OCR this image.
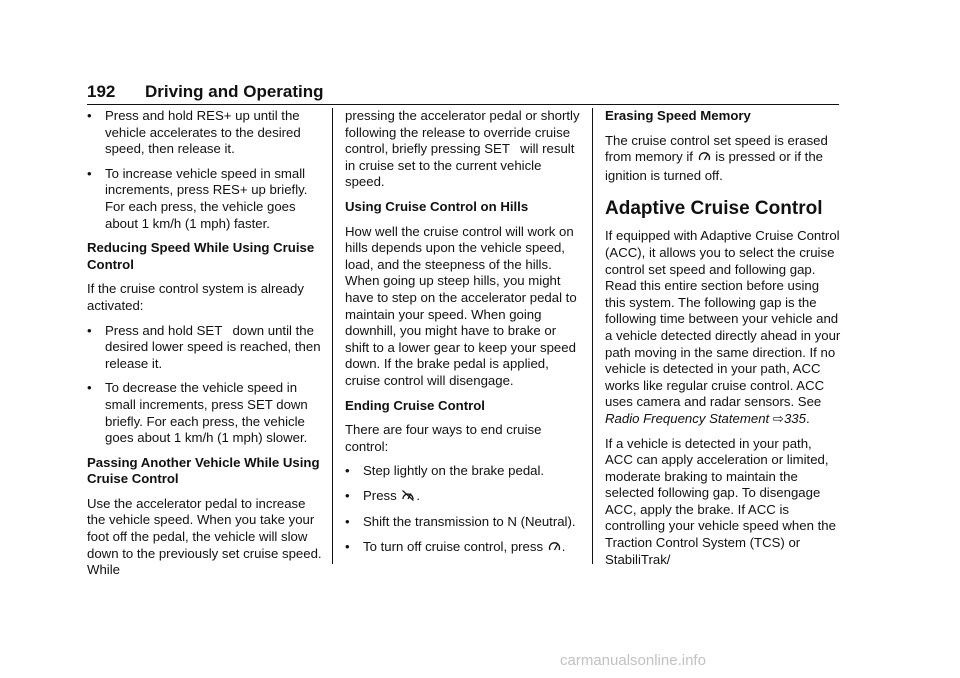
192 Driving and Operating
•	Press and hold RES+ up until the vehicle accelerates to the desired speed, then release it.
•	To increase vehicle speed in small increments, press RES+ up briefly. For each press, the vehicle goes about 1 km/h (1 mph) faster.
Reducing Speed While Using Cruise Control

If the cruise control system is already activated:

•	Press and hold SET  down until the desired lower speed is reached, then release it.
•	To decrease the vehicle speed in small increments, press SET down briefly. For each press, the vehicle goes about 1 km/h (1 mph) slower.
Passing Another Vehicle While Using Cruise Control

Use the accelerator pedal to increase the vehicle speed. When you take your foot off the pedal, the vehicle will slow down to the previously set cruise speed. While

pressing the accelerator pedal or shortly following the release to override cruise control, briefly pressing SET  will result in cruise set to the current vehicle speed.

Using Cruise Control on Hills

How well the cruise control will work on hills depends upon the vehicle speed, load, and the steepness of the hills. When going up steep hills, you might have to step on the accelerator pedal to maintain your speed. When going downhill, you might have to brake or shift to a lower gear to keep your speed down. If the brake pedal is applied, cruise control will disengage.

Ending Cruise Control

There are four ways to end cruise control:

•	Step lightly on the brake pedal.
•	Press .
•	Shift the transmission to N (Neutral).
•	To turn off cruise control, press .
Erasing Speed Memory

The cruise control set speed is erased from memory if is pressed or if the ignition is turned off.

Adaptive Cruise Control

If equipped with Adaptive Cruise Control (ACC), it allows you to select the cruise control set speed and following gap. Read this entire section before using this system. The following gap is the following time between your vehicle and a vehicle detected directly ahead in your path moving in the same direction. If no vehicle is detected in your path, ACC works like regular cruise control. ACC uses camera and radar sensors. See Radio Frequency Statement ⇨335.

If a vehicle is detected in your path, ACC can apply acceleration or limited, moderate braking to maintain the selected following gap. To disengage ACC, apply the brake. If ACC is controlling your vehicle speed when the Traction Control System (TCS) or StabiliTrak/

carmanualsonline.info
